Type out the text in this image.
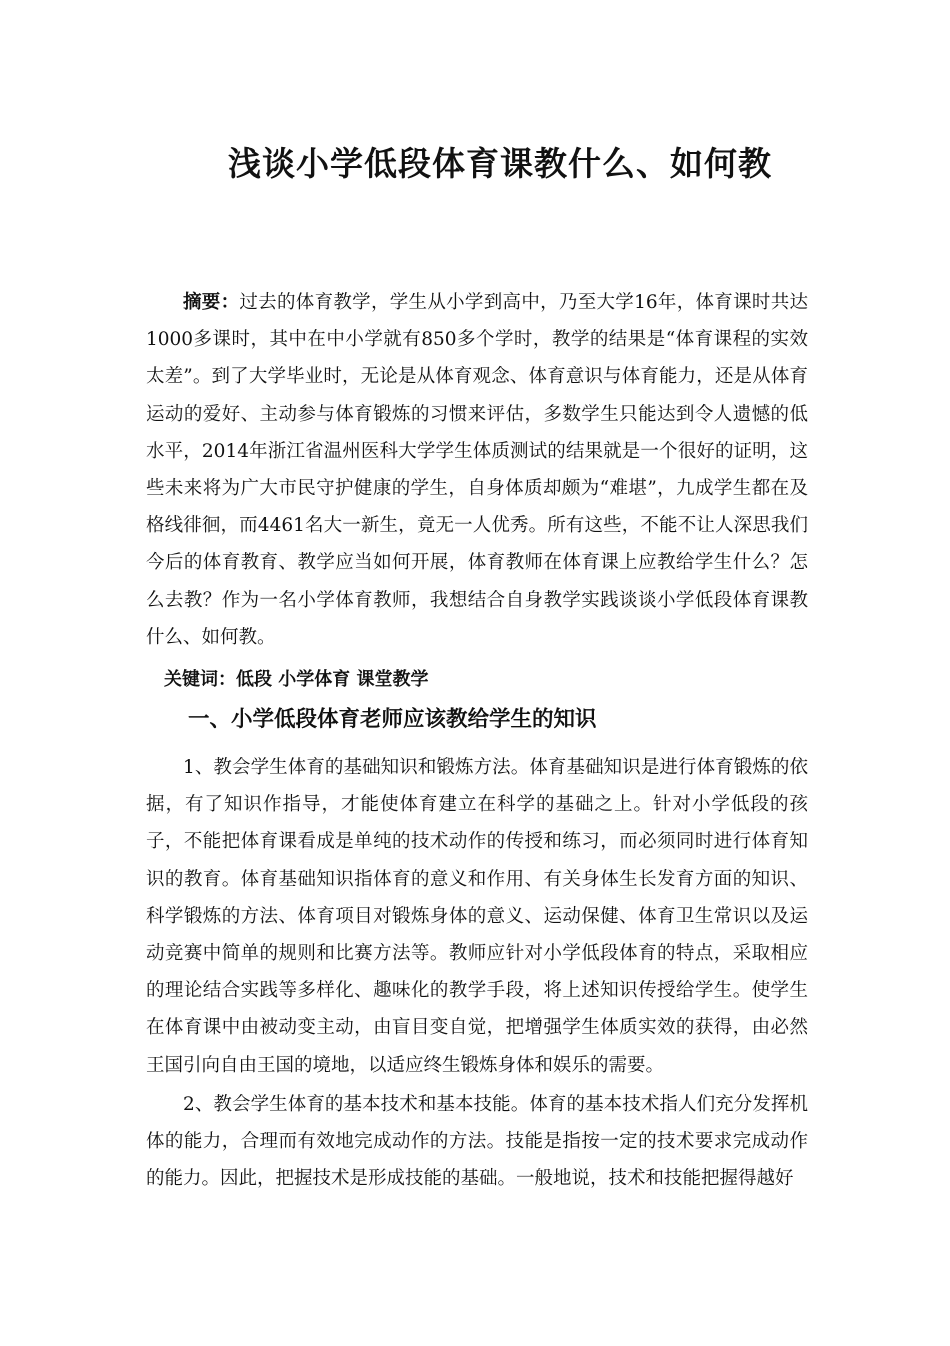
浅谈小学低段体育课教什么、如何教

摘要：过去的体育教学，学生从小学到高中，乃至大学16年，体育课时共达1000多课时，其中在中小学就有850多个学时，教学的结果是“体育课程的实效太差”。到了大学毕业时，无论是从体育观念、体育意识与体育能力，还是从体育运动的爱好、主动参与体育锻炼的习惯来评估，多数学生只能达到令人遗憾的低水平，2014年浙江省温州医科大学学生体质测试的结果就是一个很好的证明，这些未来将为广大市民守护健康的学生，自身体质却颇为“难堪”，九成学生都在及格线徘徊，而4461名大一新生，竟无一人优秀。所有这些，不能不让人深思我们今后的体育教育、教学应当如何开展，体育教师在体育课上应教给学生什么？怎么去教？作为一名小学体育教师，我想结合自身教学实践谈谈小学低段体育课教什么、如何教。

关键词：低段 小学体育 课堂教学
一、小学低段体育老师应该教给学生的知识

1、教会学生体育的基础知识和锻炼方法。体育基础知识是进行体育锻炼的依据，有了知识作指导，才能使体育建立在科学的基础之上。针对小学低段的孩子，不能把体育课看成是单纯的技术动作的传授和练习，而必须同时进行体育知识的教育。体育基础知识指体育的意义和作用、有关身体生长发育方面的知识、科学锻炼的方法、体育项目对锻炼身体的意义、运动保健、体育卫生常识以及运动竞赛中简单的规则和比赛方法等。教师应针对小学低段体育的特点，采取相应的理论结合实践等多样化、趣味化的教学手段，将上述知识传授给学生。使学生在体育课中由被动变主动，由盲目变自觉，把增强学生体质实效的获得，由必然王国引向自由王国的境地，以适应终生锻炼身体和娱乐的需要。

2、教会学生体育的基本技术和基本技能。体育的基本技术指人们充分发挥机体的能力，合理而有效地完成动作的方法。技能是指按一定的技术要求完成动作的能力。因此，把握技术是形成技能的基础。一般地说，技术和技能把握得越好
